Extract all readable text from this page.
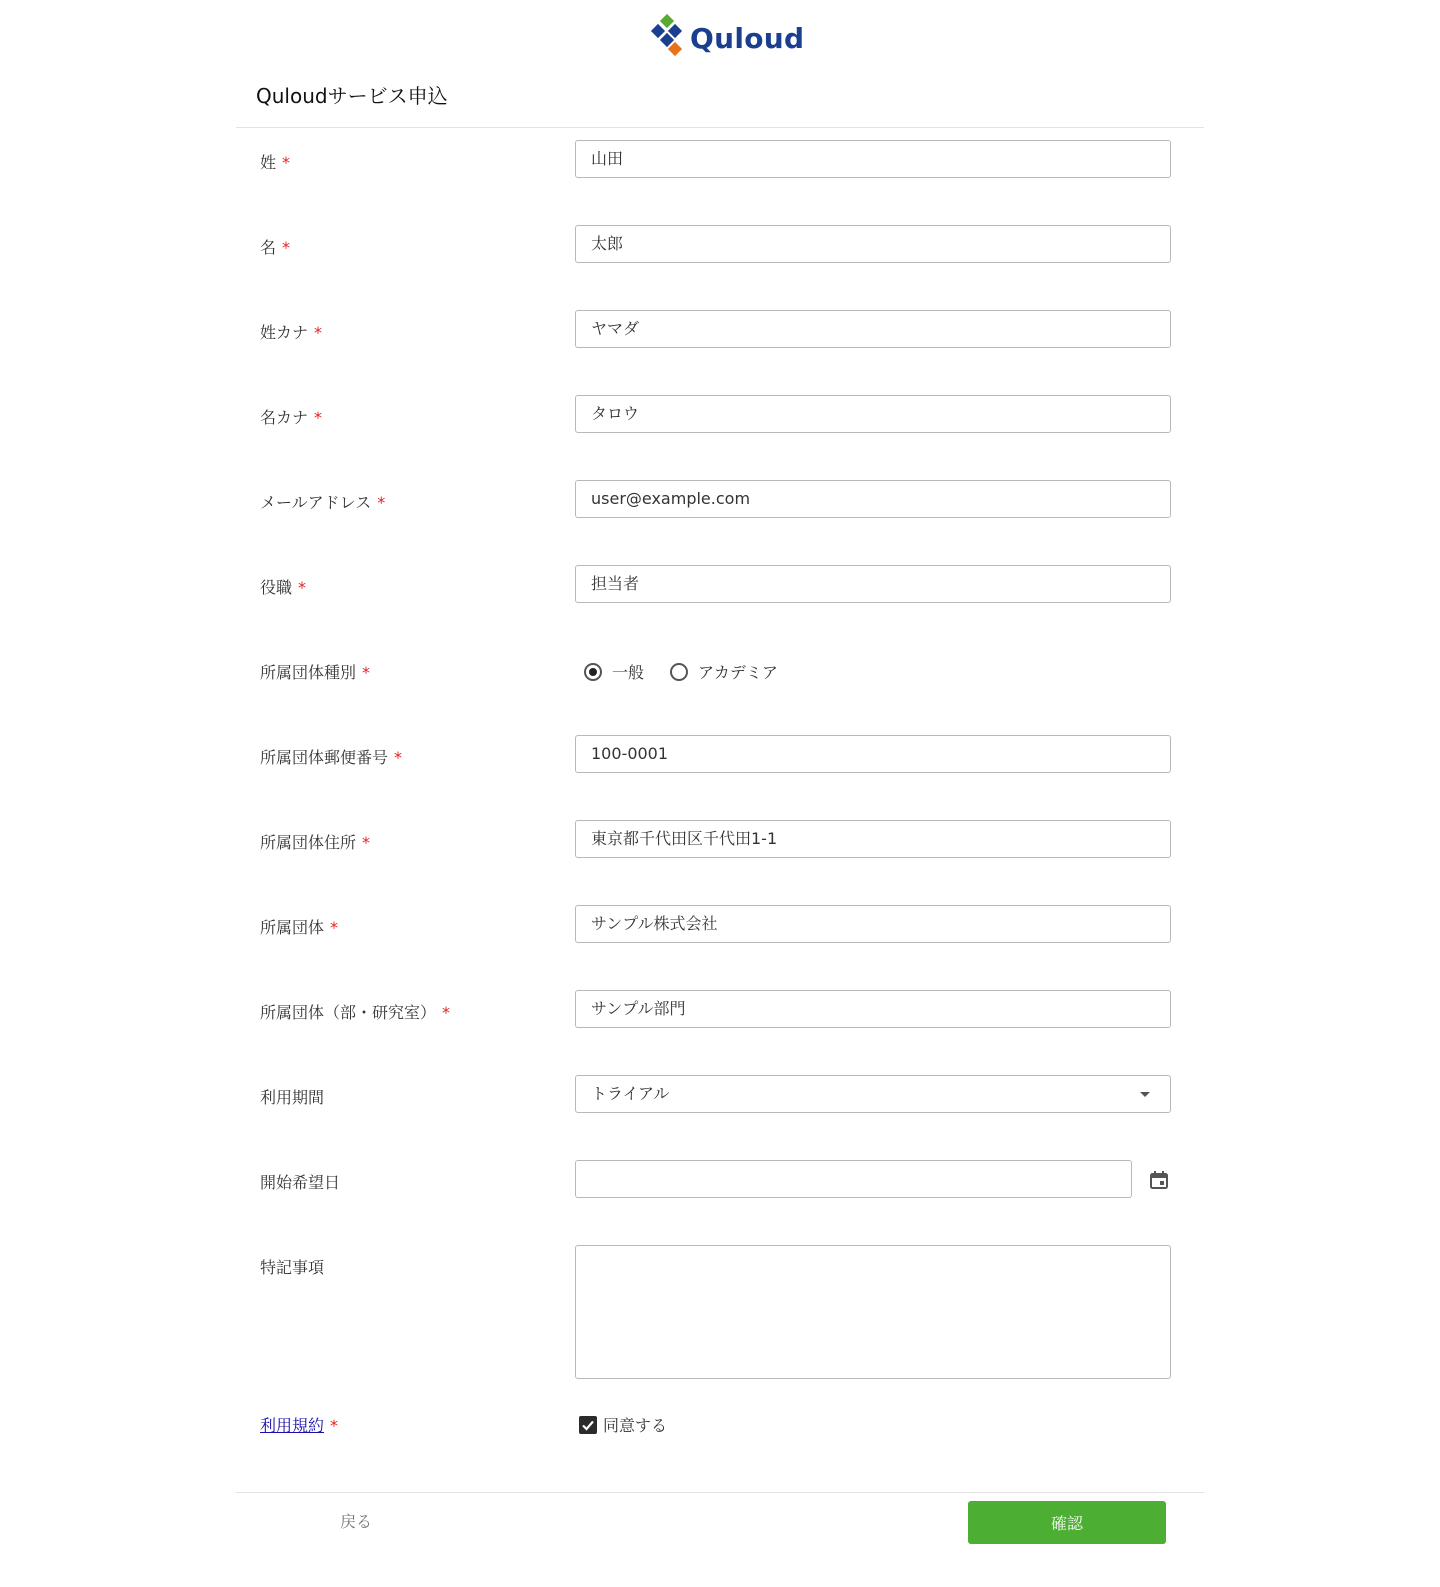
Quloud
Quloudサービス申込
姓 *	山田
名 *	太郎
姓カナ *	ヤマダ
名カナ *	タロウ
メールアドレス *	user@example.com
役職 *	担当者
所属団体種別 *	一般	アカデミア
所属団体郵便番号 *	100-0001
所属団体住所 *	東京都千代田区千代田1-1
所属団体 *	サンプル株式会社
所属団体（部・研究室） *	サンプル部門
利用期間	トライアル
開始希望日
特記事項
利用規約 *	同意する
戻る	確認
